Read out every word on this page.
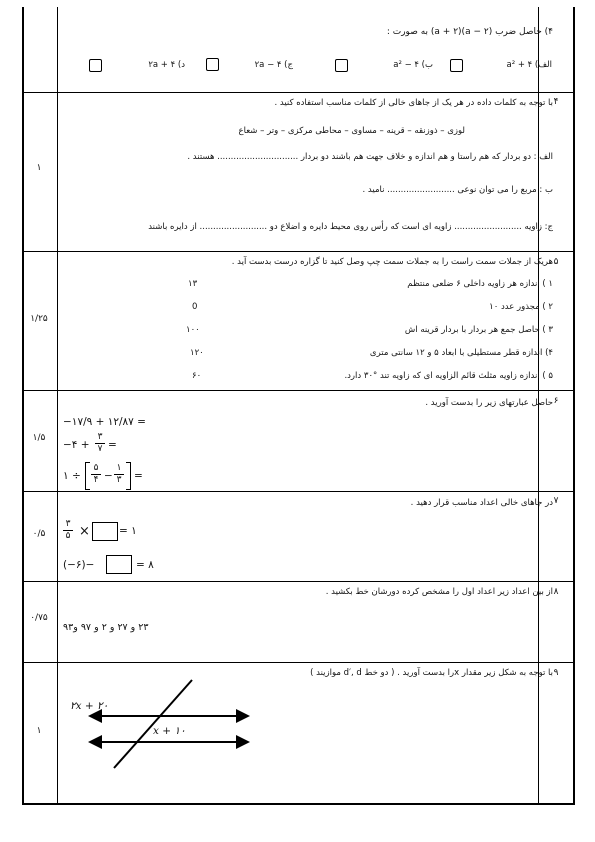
۴) حاصل ضرب (a − ۲)(a + ۲) به صورت :
الف) a² + ۴
ب) a² − ۴
ج) ۲a − ۴
د) ۲a + ۴
۴
۱
با توجه به کلمات داده در هر یک از جاهای خالی از کلمات مناسب استفاده کنید .
لوزی – ذوزنقه – قرینه – مساوی – محاطی مرکزی – وتر – شعاع
الف : دو بردار که هم راستا و هم اندازه و خلاف جهت هم باشند دو بردار .............................. هستند .
ب : مربع را می توان نوعی ......................... نامید .
ج: زاویه ......................... زاویه ای است که رأس روی محیط دایره و اضلاع دو ......................... از دایره باشند
۵
۱/۲۵
هریک از جملات سمت راست را به جملات سمت چپ وصل کنید تا گزاره درست بدست آید .
۱ ) اندازه هر زاویه داخلی ۶ ضلعی منتظم
۲ ) مجذور عدد ۱۰
۳ ) حاصل جمع هر بردار با بردار قرینه اش
۴) اندازه قطر مستطیلی با ابعاد ۵ و ۱۲ سانتی متری
۵ ) اندازه زاویه مثلث قائم الزاویه ای که زاویه تند °۳۰ دارد.
۱۳
0
۱۰۰
۱۲۰
۶۰
۶
۱/۵
حاصل عبارتهای زیر را بدست آورید .
−۱۷/۹ + ۱۲/۸۷ =
−۴ +
۳
۷ =
۱ ÷
۵
۴ −
۱
۳ =
۷
۰/۵
در جاهای خالی اعداد مناسب قرار دهید .
۳
۵ ×	= ۱
(−۶)−	= ۸
۸
۰/۷۵
از بین اعداد زیر اعداد اول را مشخص کرده دورشان خط بکشید .
۲۳ و ۲۷ و ۲ و ۹۷ و۹۳
۹
۱
با توجه به شکل زیر مقدار xرا بدست آورید . ( دو خط d′, d موازیند )
۲x + ۲۰
x + ۱۰
